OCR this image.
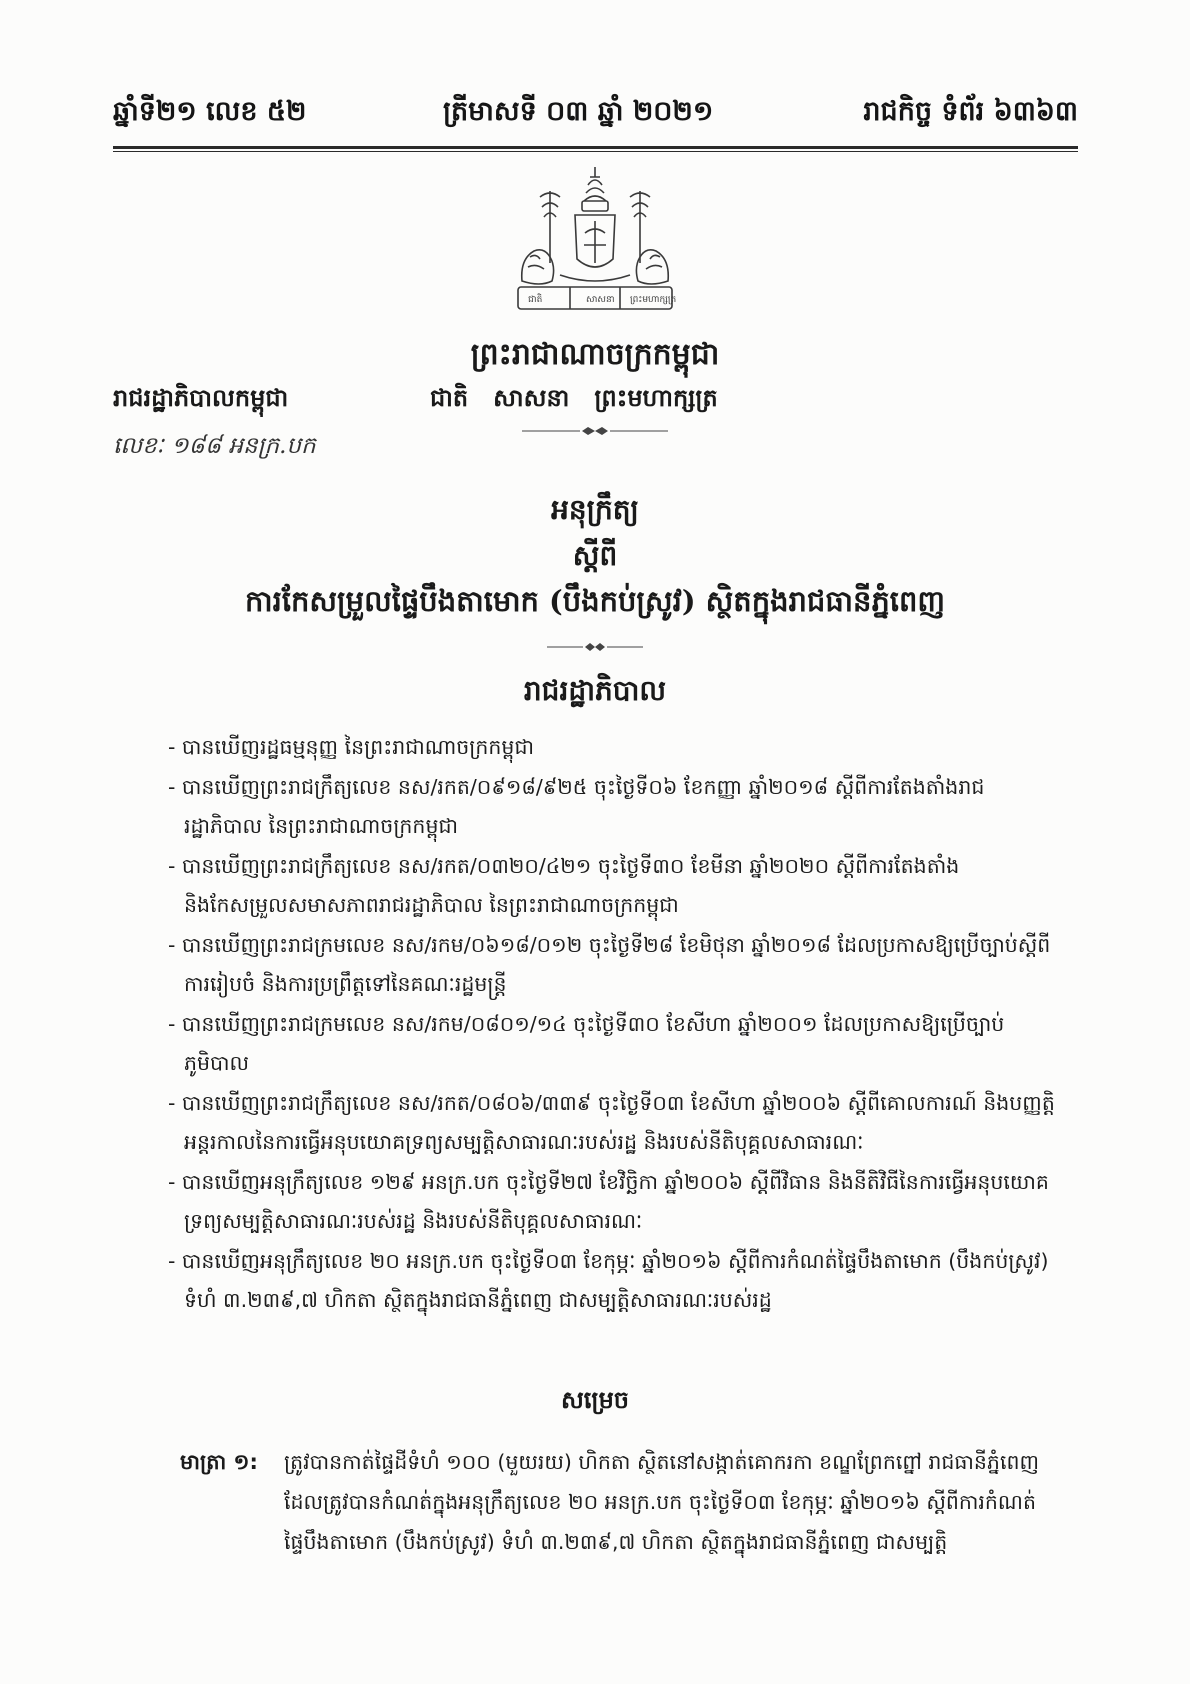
ឆ្នាំទី២១ លេខ ៥២	ត្រីមាសទី ០៣ ឆ្នាំ ២០២១	រាជកិច្ច ទំព័រ ៦៣៦៣
ជាតិ	សាសនា ព្រះមហាក្សត្រ
ព្រះរាជាណាចក្រកម្ពុជា
រាជរដ្ឋាភិបាលកម្ពុជា	ជាតិ   សាសនា   ព្រះមហាក្សត្រ
លេខៈ ១៨៨ អនក្រ.បក
អនុក្រឹត្យ
ស្តីពី
ការកែសម្រួលផ្ទៃបឹងតាមោក (បឹងកប់ស្រូវ) ស្ថិតក្នុងរាជធានីភ្នំពេញ
រាជរដ្ឋាភិបាល

- បានឃើញរដ្ឋធម្មនុញ្ញ នៃព្រះរាជាណាចក្រកម្ពុជា

- បានឃើញព្រះរាជក្រឹត្យលេខ នស/រកត/០៩១៨/៩២៥ ចុះថ្ងៃទី០៦ ខែកញ្ញា ឆ្នាំ២០១៨ ស្តីពីការតែងតាំងរាជរដ្ឋាភិបាល នៃព្រះរាជាណាចក្រកម្ពុជា

- បានឃើញព្រះរាជក្រឹត្យលេខ នស/រកត/០៣២០/៤២១ ចុះថ្ងៃទី៣០ ខែមីនា ឆ្នាំ២០២០ ស្តីពីការតែងតាំង និងកែសម្រួលសមាសភាពរាជរដ្ឋាភិបាល នៃព្រះរាជាណាចក្រកម្ពុជា

- បានឃើញព្រះរាជក្រមលេខ នស/រកម/០៦១៨/០១២ ចុះថ្ងៃទី២៨ ខែមិថុនា ឆ្នាំ២០១៨ ដែលប្រកាសឱ្យប្រើច្បាប់ស្តីពីការរៀបចំ និងការប្រព្រឹត្តទៅនៃគណៈរដ្ឋមន្ត្រី

- បានឃើញព្រះរាជក្រមលេខ នស/រកម/០៨០១/១៤ ចុះថ្ងៃទី៣០ ខែសីហា ឆ្នាំ២០០១ ដែលប្រកាសឱ្យប្រើច្បាប់ភូមិបាល

- បានឃើញព្រះរាជក្រឹត្យលេខ នស/រកត/០៨០៦/៣៣៩ ចុះថ្ងៃទី០៣ ខែសីហា ឆ្នាំ២០០៦ ស្តីពីគោលការណ៍ និងបញ្ញត្តិអន្តរកាលនៃការធ្វើអនុបយោគទ្រព្យសម្បត្តិសាធារណៈរបស់រដ្ឋ និងរបស់នីតិបុគ្គលសាធារណៈ

- បានឃើញអនុក្រឹត្យលេខ ១២៩ អនក្រ.បក ចុះថ្ងៃទី២៧ ខែវិច្ឆិកា ឆ្នាំ២០០៦ ស្តីពីវិធាន និងនីតិវិធីនៃការធ្វើអនុបយោគទ្រព្យសម្បត្តិសាធារណៈរបស់រដ្ឋ និងរបស់នីតិបុគ្គលសាធារណៈ

- បានឃើញអនុក្រឹត្យលេខ ២០ អនក្រ.បក ចុះថ្ងៃទី០៣ ខែកុម្ភៈ ឆ្នាំ២០១៦ ស្តីពីការកំណត់ផ្ទៃបឹងតាមោក (បឹងកប់ស្រូវ) ទំហំ ៣.២៣៩,៧ ហិកតា ស្ថិតក្នុងរាជធានីភ្នំពេញ ជាសម្បត្តិសាធារណៈរបស់រដ្ឋ

សម្រេច
មាត្រា ១: ត្រូវបានកាត់ផ្ទៃដីទំហំ ១០០ (មួយរយ) ហិកតា ស្ថិតនៅសង្កាត់គោករកា ខណ្ឌព្រែកព្នៅ រាជធានីភ្នំពេញ ដែលត្រូវបានកំណត់ក្នុងអនុក្រឹត្យលេខ ២០ អនក្រ.បក ចុះថ្ងៃទី០៣ ខែកុម្ភៈ ឆ្នាំ២០១៦ ស្តីពីការកំណត់ផ្ទៃបឹងតាមោក (បឹងកប់ស្រូវ) ទំហំ ៣.២៣៩,៧ ហិកតា ស្ថិតក្នុងរាជធានីភ្នំពេញ ជាសម្បត្តិ
